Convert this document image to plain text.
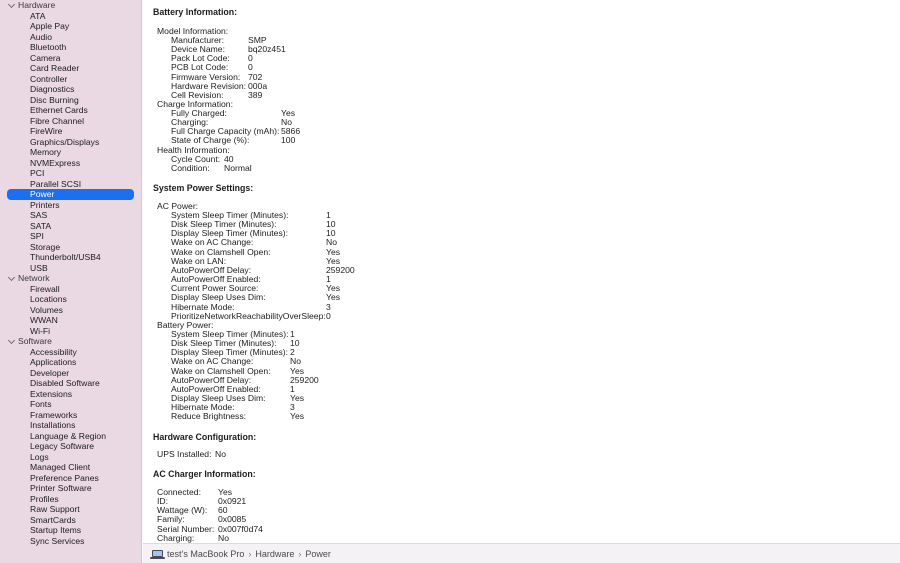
Hardware
ATA
Apple Pay
Audio
Bluetooth
Camera
Card Reader
Controller
Diagnostics
Disc Burning
Ethernet Cards
Fibre Channel
FireWire
Graphics/Displays
Memory
NVMExpress
PCI
Parallel SCSI
Power
Printers
SAS
SATA
SPI
Storage
Thunderbolt/USB4
USB
Network
Firewall
Locations
Volumes
WWAN
Wi-Fi
Software
Accessibility
Applications
Developer
Disabled Software
Extensions
Fonts
Frameworks
Installations
Language & Region
Legacy Software
Logs
Managed Client
Preference Panes
Printer Software
Profiles
Raw Support
SmartCards
Startup Items
Sync Services
Battery Information:
Model Information:
Manufacturer:	SMP
Device Name:	bq20z451
Pack Lot Code: 0
PCB Lot Code: 0
Firmware Version: 702
Hardware Revision: 000a
Cell Revision:	389
Charge Information:
Fully Charged:	Yes
Charging:	No
Full Charge Capacity (mAh): 5866
State of Charge (%):	100
Health Information:
Cycle Count: 40
Condition: Normal
System Power Settings:
AC Power:
System Sleep Timer (Minutes):	1
Disk Sleep Timer (Minutes):	10
Display Sleep Timer (Minutes):	10
Wake on AC Change:	No
Wake on Clamshell Open:	Yes
Wake on LAN:	Yes
AutoPowerOff Delay:	259200
AutoPowerOff Enabled:	1
Current Power Source:	Yes
Display Sleep Uses Dim:	Yes
Hibernate Mode:	3
PrioritizeNetworkReachabilityOverSleep: 0
Battery Power:
System Sleep Timer (Minutes): 1
Disk Sleep Timer (Minutes): 10
Display Sleep Timer (Minutes): 2
Wake on AC Change:	No
Wake on Clamshell Open: Yes
AutoPowerOff Delay:	259200
AutoPowerOff Enabled:	1
Display Sleep Uses Dim:	Yes
Hibernate Mode:	3
Reduce Brightness:	Yes
Hardware Configuration:
UPS Installed: No
AC Charger Information:
Connected: Yes
ID:	0x0921
Wattage (W): 60
Family:	0x0085
Serial Number: 0x007f0d74
Charging:	No
test’s MacBook Pro › Hardware › Power
